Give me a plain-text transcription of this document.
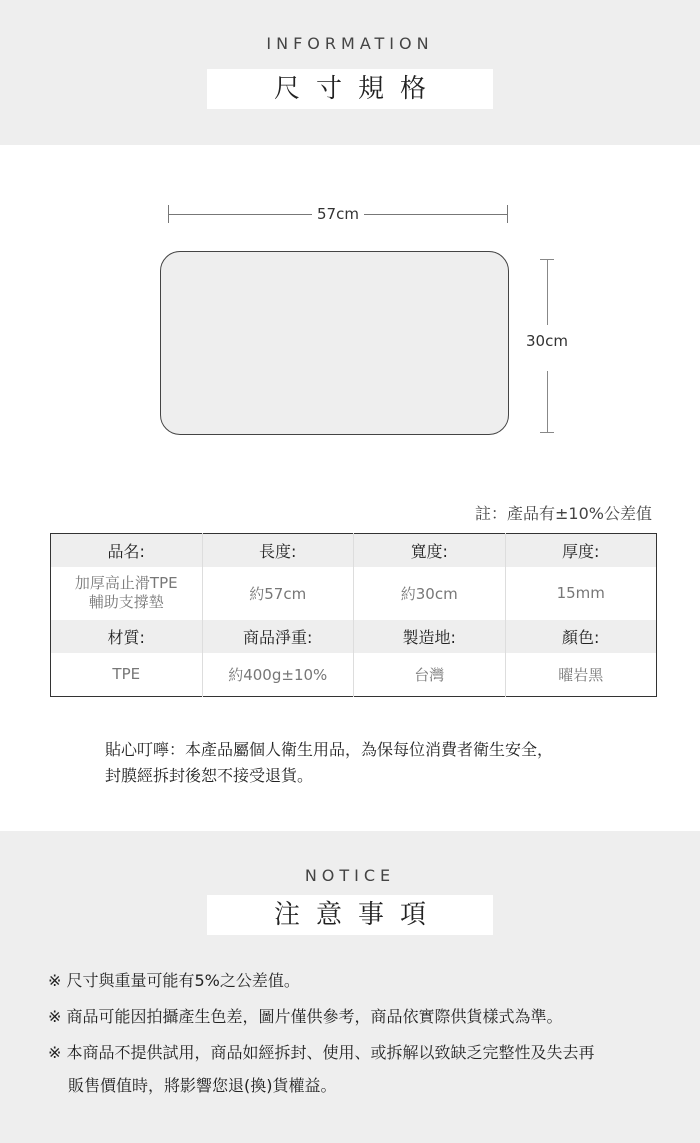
INFORMATION
尺寸規格
57cm
30cm
註：產品有±10%公差值
品名:	長度:	寬度:	厚度:
加厚高止滑TPE
輔助支撐墊	約57cm	約30cm	15mm
材質:	商品淨重:	製造地:	顏色:
TPE	約400g±10%	台灣	曜岩黑
貼心叮嚀：本產品屬個人衛生用品，為保每位消費者衛生安全，
封膜經拆封後恕不接受退貨。
NOTICE
注意事項
※ 尺寸與重量可能有5%之公差值。
※ 商品可能因拍攝產生色差，圖片僅供參考，商品依實際供貨樣式為準。
※ 本商品不提供試用，商品如經拆封、使用、或拆解以致缺乏完整性及失去再
販售價值時，將影響您退(換)貨權益。
